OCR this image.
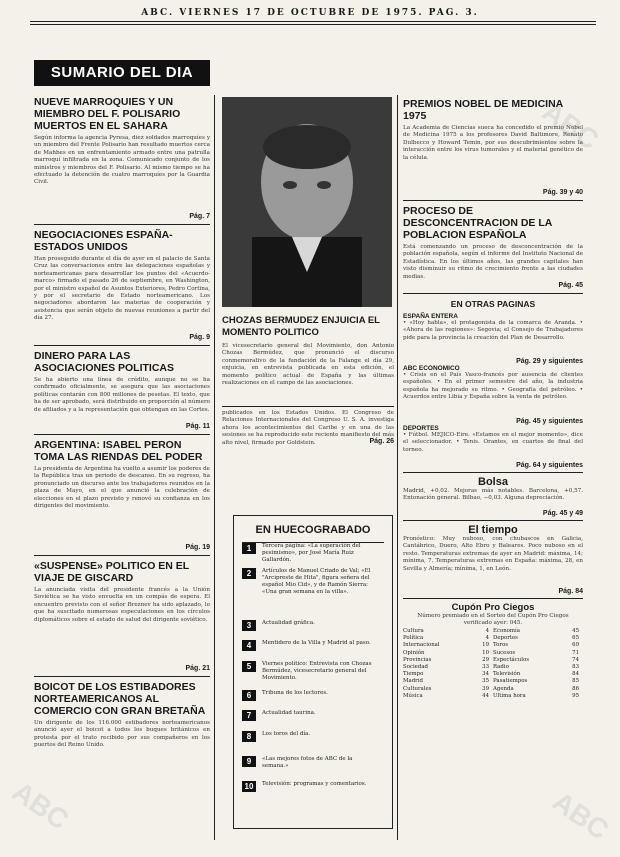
ABC. VIERNES 17 DE OCTUBRE DE 1975. PAG. 3.
SUMARIO DEL DIA
NUEVE MARROQUIES Y UN MIEMBRO DEL F. POLISARIO MUERTOS EN EL SAHARA
Según informa la agencia Pyresa, diez soldados marroquíes y un miembro del Frente Polisario han resultado muertos cerca de Mahbes en un enfrentamiento armado entre una patrulla marroquí infiltrada en la zona. Comunicado conjunto de los ministros y miembros del F. Polisario. Al mismo tiempo se ha efectuado la detención de cuatro marroquíes por la Guardia Civil.
Pág. 7
NEGOCIACIONES ESPAÑA-ESTADOS UNIDOS
Han proseguido durante el día de ayer en el palacio de Santa Cruz las conversaciones entre las delegaciones españolas y norteamericanas para desarrollar los puntos del «Acuerdo-marco» firmado el pasado 26 de septiembre, en Washington, por el ministro español de Asuntos Exteriores, Pedro Cortina, y por el secretario de Estado norteamericano. Los negociadores abordaron las materias de cooperación y asistencia que serán objeto de nuevas reuniones a partir del día 27.
Pág. 9
DINERO PARA LAS ASOCIACIONES POLITICAS
Se ha abierto una línea de crédito, aunque no se ha confirmado oficialmente, se asegura que las asociaciones políticas contarán con 800 millones de pesetas. El texto, que ha de ser aprobado, será distribuido en proporción al número de afiliados y a la representación que obtengan en las Cortes.
Pág. 11
ARGENTINA: ISABEL PERON TOMA LAS RIENDAS DEL PODER
La presidenta de Argentina ha vuelto a asumir los poderes de la República tras un periodo de descanso. En su regreso, ha pronunciado un discurso ante los trabajadores reunidos en la plaza de Mayo, en el que anunció la celebración de elecciones en el plazo previsto y renovó su confianza en los dirigentes del movimiento.
Pág. 19
«SUSPENSE» POLITICO EN EL VIAJE DE GISCARD
La anunciada visita del presidente francés a la Unión Soviética se ha visto envuelta en un compás de espera. El encuentro previsto con el señor Breznev ha sido aplazado, lo que ha suscitado numerosas especulaciones en los círculos diplomáticos sobre el estado de salud del dirigente soviético.
Pág. 21
BOICOT DE LOS ESTIBADORES NORTEAMERICANOS AL COMERCIO CON GRAN BRETAÑA
Un dirigente de los 116.000 estibadores norteamericanos anunció ayer el boicot a todos los buques británicos en protesta por el trato recibido por sus compañeros en los puertos del Reino Unido.
CHOZAS BERMUDEZ ENJUICIA EL MOMENTO POLITICO
El vicesecretario general del Movimiento, don Antonio Chozas Bermúdez, que pronunció el discurso conmemorativo de la fundación de la Falange el día 29, enjuicia, en entrevista publicada en esta edición, el momento político actual de España y las últimas realizaciones en el campo de las asociaciones.
publicados en los Estados Unidos. El Congreso de Relaciones Internacionales del Congreso U. S. A. investiga ahora los acontecimientos del Caribe y en una de las sesiones se ha reproducido este reciente manifiesto del más alto nivel, firmado por Goldstein.	Pág. 26
EN HUECOGRABADO
1 Tercera página: «La superación del pesimismo», por José María Ruiz Gallardón.
2 Artículos de Manuel Criado de Val; «El "Arcipreste de Hita", figura señera del español Mio Cid», y de Ramón Sierra: «Una gran semana en la villa».
3 Actualidad gráfica.
4 Mentidero de la Villa y Madrid al paso.
5 Viernes político: Entrevista con Chozas Bermúdez, vicesecretario general del Movimiento.
6 Tribuna de los lectores.
7 Actualidad taurina.
8 Los toros del día.
9 «Las mejores fotos de ABC de la semana.»
10 Televisión: programas y comentarios.
PREMIOS NOBEL DE MEDICINA 1975
La Academia de Ciencias sueca ha concedido el premio Nobel de Medicina 1975 a los profesores David Baltimore, Renato Dulbecco y Howard Temin, por sus descubrimientos sobre la interacción entre los virus tumorales y el material genético de la célula.
Pág. 39 y 40
PROCESO DE DESCONCENTRACION DE LA POBLACION ESPAÑOLA
Está comenzando un proceso de desconcentración de la población española, según el informe del Instituto Nacional de Estadística. En los últimos años, las grandes capitales han visto disminuir su ritmo de crecimiento frente a las ciudades medias.
Pág. 45
EN OTRAS PAGINAS
ESPAÑA ENTERA
• «Hoy habla», el protagonista de la comarca de Aranda. • «Ahora de las regiones»: Segovia; el Consejo de Trabajadores pide para la provincia la creación del Plan de Desarrollo.
Pág. 29 y siguientes
ABC ECONOMICO
• Crisis en el País Vasco-francés por ausencia de clientes españoles. • En el primer semestre del año, la industria española ha mejorado su ritmo. • Geografía del petróleo. • Acuerdos entre Libia y España sobre la venta de petróleo.
Pág. 45 y siguientes
DEPORTES
• Fútbol. MEJICO-Eire. «Estamos en el mejor momento», dice el seleccionador. • Tenis. Orantes, en cuartos de final del torneo.
Pág. 64 y siguientes
Bolsa
Madrid, +0,02. Mejoras más notables. Barcelona, +0,57. Entonación general. Bilbao, −0,03. Alguna depreciación.
Pág. 45 y 49
El tiempo
Pronóstico: Muy nuboso, con chubascos en Galicia, Cantábrico, Duero, Alto Ebro y Baleares. Poco nuboso en el resto. Temperaturas extremas de ayer en Madrid: máxima, 14; mínima, 7. Temperaturas extremas en España: máxima, 28, en Sevilla y Almería; mínima, 1, en León.
Pág. 84
Cupón Pro Ciegos
Número premiado en el Sorteo del Cupón Pro Ciegos verificado ayer: 045.
Cultura	4 Economía	45
Política	4 Deportes	65
Internacional	19 Toros	69
Opinión	10 Sucesos	71
Provincias	29 Espectáculos	74
Sociedad	33 Radio	83
Tiempo	34 Televisión	84
Madrid	35 Pasatiempos	85
Culturales	39 Agenda	86
Música	44 Ultima hora	95
ABC
ABC	ABC
